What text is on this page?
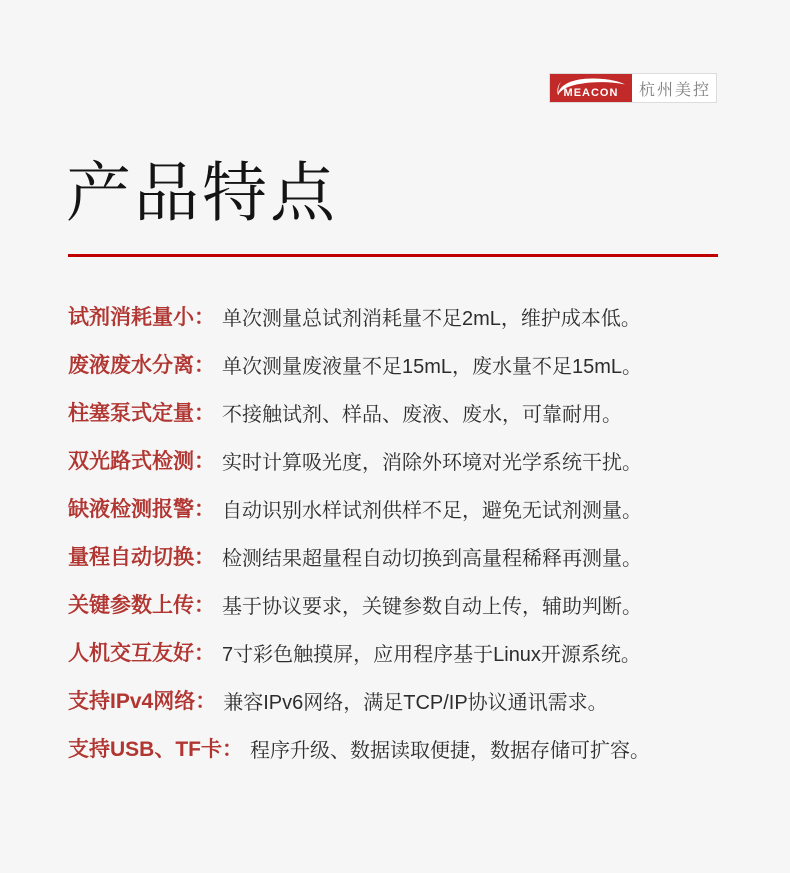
MEACON	杭州美控
产品特点
试剂消耗量小： 单次测量总试剂消耗量不足2mL，维护成本低。
废液废水分离： 单次测量废液量不足15mL，废水量不足15mL。
柱塞泵式定量： 不接触试剂、样品、废液、废水，可靠耐用。
双光路式检测： 实时计算吸光度，消除外环境对光学系统干扰。
缺液检测报警： 自动识别水样试剂供样不足，避免无试剂测量。
量程自动切换： 检测结果超量程自动切换到高量程稀释再测量。
关键参数上传： 基于协议要求，关键参数自动上传，辅助判断。
人机交互友好： 7寸彩色触摸屏，应用程序基于Linux开源系统。
支持IPv4网络： 兼容IPv6网络，满足TCP/IP协议通讯需求。
支持USB、TF卡： 程序升级、数据读取便捷，数据存储可扩容。
